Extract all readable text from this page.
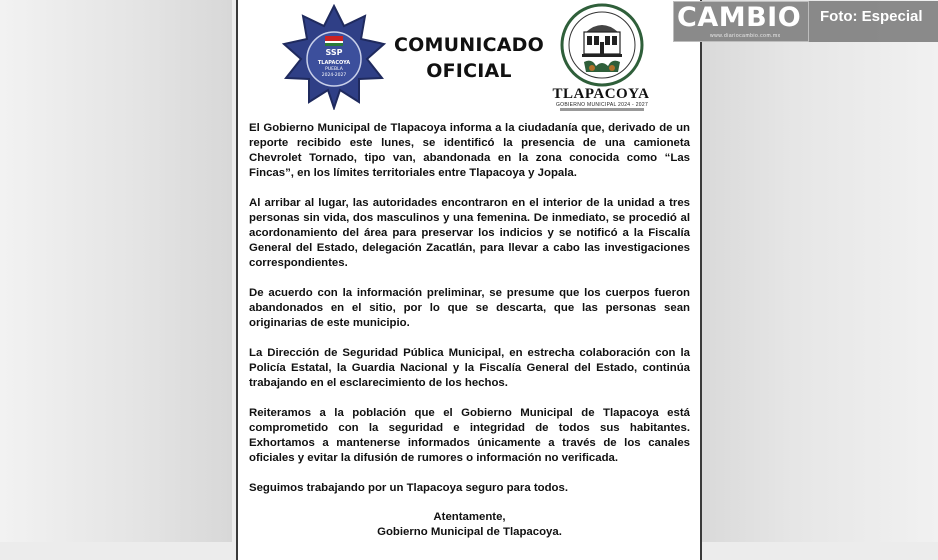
SSP
TLAPACOYA
PUEBLA
2024-2027
COMUNICADO
OFICIAL
TLAPACOYA
GOBIERNO MUNICIPAL 2024 - 2027

El Gobierno Municipal de Tlapacoya informa a la ciudadanía que, derivado de un reporte recibido este lunes, se identificó la presencia de una camioneta Chevrolet Tornado, tipo van, abandonada en la zona conocida como “Las Fincas”, en los límites territoriales entre Tlapacoya y Jopala.

Al arribar al lugar, las autoridades encontraron en el interior de la unidad a tres personas sin vida, dos masculinos y una femenina. De inmediato, se procedió al acordonamiento del área para preservar los indicios y se notificó a la Fiscalía General del Estado, delegación Zacatlán, para llevar a cabo las investigaciones correspondientes.

De acuerdo con la información preliminar, se presume que los cuerpos fueron abandonados en el sitio, por lo que se descarta, que las personas sean originarias de este municipio.

La Dirección de Seguridad Pública Municipal, en estrecha colaboración con la Policía Estatal, la Guardia Nacional y la Fiscalía General del Estado, continúa trabajando en el esclarecimiento de los hechos.

Reiteramos a la población que el Gobierno Municipal de Tlapacoya está comprometido con la seguridad e integridad de todos sus habitantes. Exhortamos a mantenerse informados únicamente a través de los canales oficiales y evitar la difusión de rumores o información no verificada.

Seguimos trabajando por un Tlapacoya seguro para todos.

Atentamente,
Gobierno Municipal de Tlapacoya.
CAMBIO
www.diariocambio.com.mx
Foto: Especial
